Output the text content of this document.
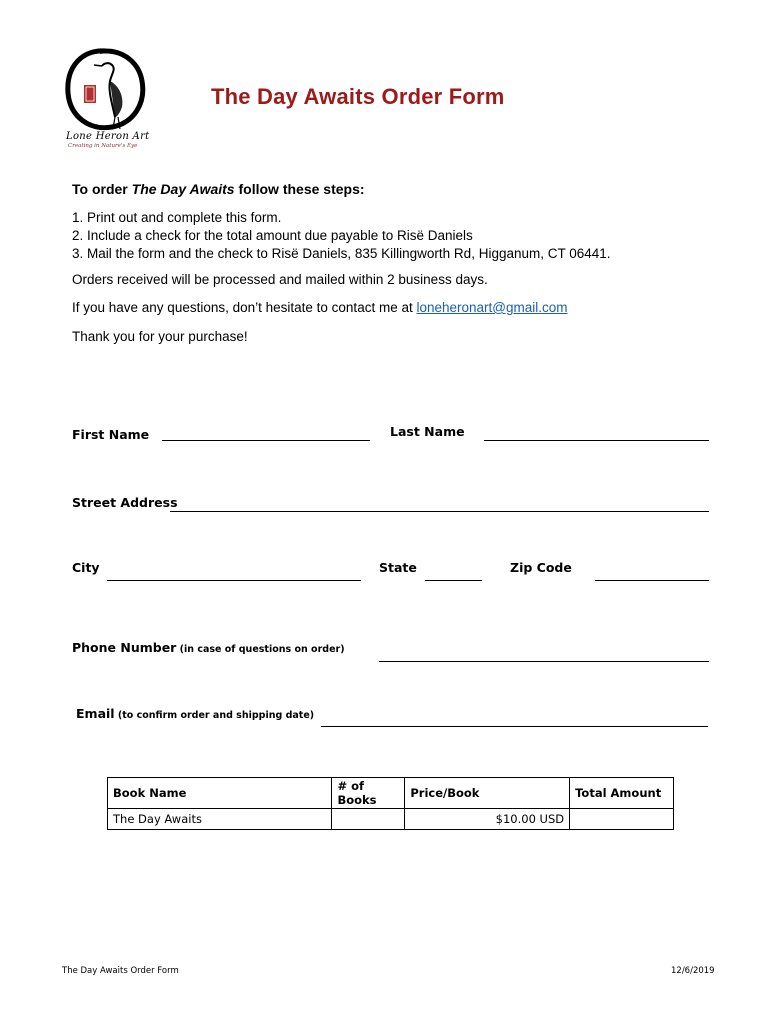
Lone Heron Art
Creating in Nature's Eye
The Day Awaits Order Form
To order The Day Awaits follow these steps:
1. Print out and complete this form.
2. Include a check for the total amount due payable to Risë Daniels
3. Mail the form and the check to Risë Daniels, 835 Killingworth Rd, Higganum, CT 06441.
Orders received will be processed and mailed within 2 business days.
If you have any questions, don’t hesitate to contact me at loneheronart@gmail.com
Thank you for your purchase!
First Name	Last Name
Street Address
City	State	Zip Code
Phone Number (in case of questions on order)
Email (to confirm order and shipping date)
Book Name	# of Books	Price/Book	Total Amount
The Day Awaits		$10.00 USD	
The Day Awaits Order Form	12/6/2019
